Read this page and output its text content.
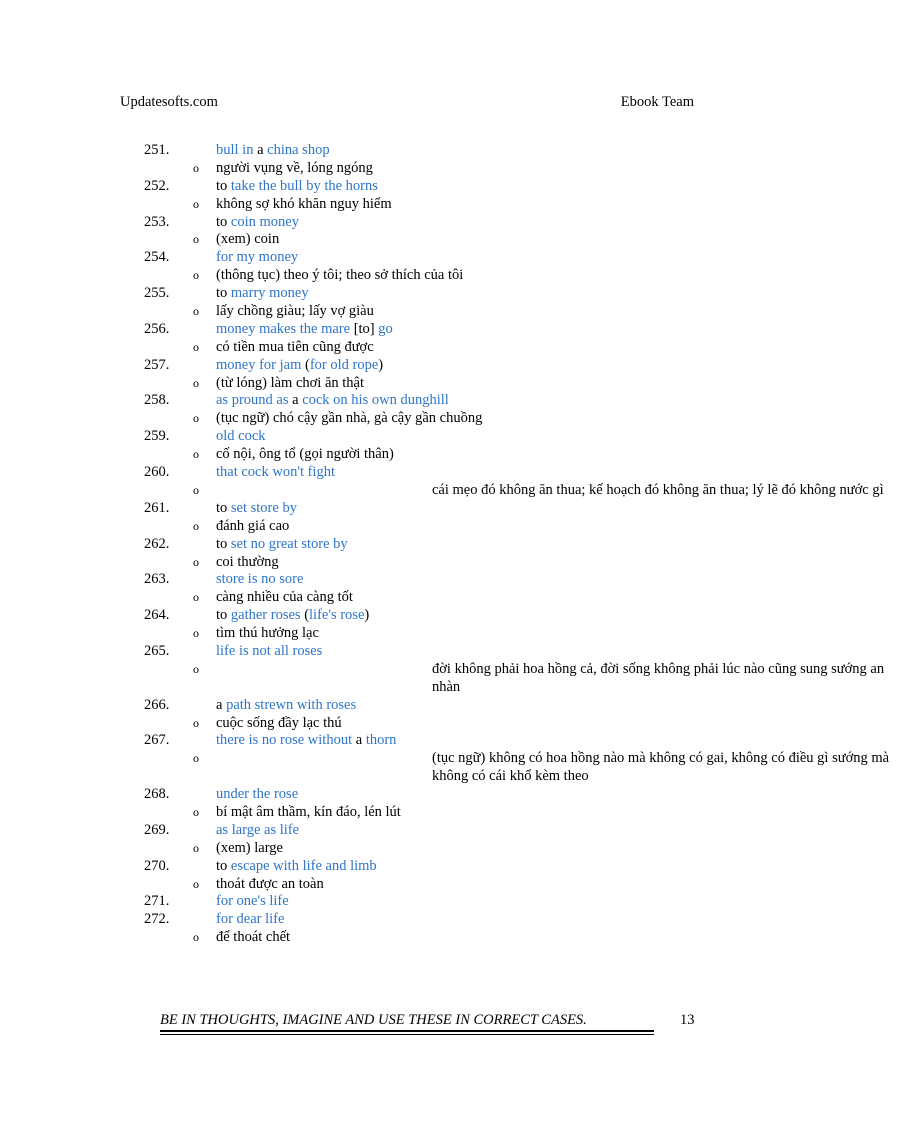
Updatesofts.com	Ebook Team
251.	bull in a china shop
o người vụng về, lóng ngóng
252.	to take the bull by the horns
o không sợ khó khăn nguy hiểm
253.	to coin money
o (xem) coin
254.	for my money
o (thông tục) theo ý tôi; theo sở thích của tôi
255.	to marry money
o lấy chồng giàu; lấy vợ giàu
256.	money makes the mare [to] go
o có tiền mua tiên cũng được
257.	money for jam (for old rope)
o (từ lóng) làm chơi ăn thật
258.	as pround as a cock on his own dunghill
o (tục ngữ) chó cậy gần nhà, gà cậy gần chuồng
259.	old cock
o cố nội, ông tổ (gọi người thân)
260.	that cock won't fight
o	cái mẹo đó không ăn thua; kế hoạch đó không ăn thua; lý lẽ đó không nước gì
261.	to set store by
o đánh giá cao
262.	to set no great store by
o coi thường
263.	store is no sore
o càng nhiều của càng tốt
264.	to gather roses (life's rose)
o tìm thú hưởng lạc
265.	life is not all roses
o	đời không phải hoa hồng cả, đời sống không phải lúc nào cũng sung sướng an nhàn
266.	a path strewn with roses
o cuộc sống đầy lạc thú
267.	there is no rose without a thorn
o	(tục ngữ) không có hoa hồng nào mà không có gai, không có điều gì sướng mà không có cái khổ kèm theo
268.	under the rose
o bí mật âm thầm, kín đáo, lén lút
269.	as large as life
o (xem) large
270.	to escape with life and limb
o thoát được an toàn
271.	for one's life
272.	for dear life
o để thoát chết
BE IN THOUGHTS, IMAGINE AND USE THESE IN CORRECT CASES.	13
